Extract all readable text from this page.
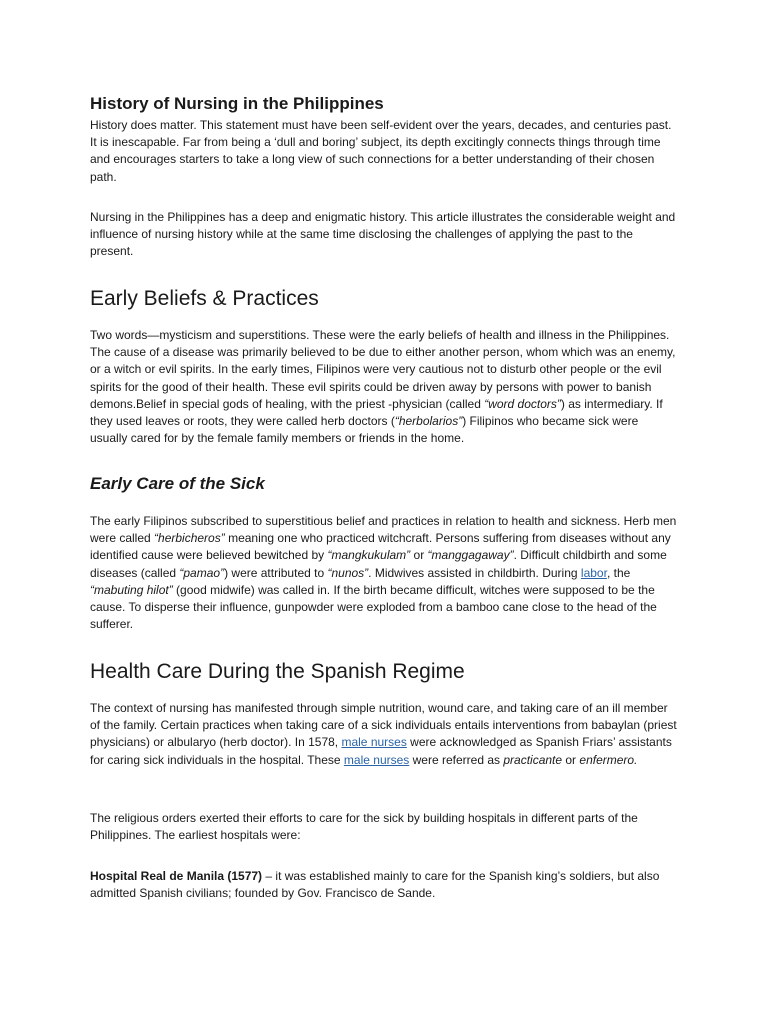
History of Nursing in the Philippines

History does matter. This statement must have been self-evident over the years, decades, and centuries past. It is inescapable. Far from being a ‘dull and boring’ subject, its depth excitingly connects things through time and encourages starters to take a long view of such connections for a better understanding of their chosen path.

Nursing in the Philippines has a deep and enigmatic history. This article illustrates the considerable weight and influence of nursing history while at the same time disclosing the challenges of applying the past to the present.

Early Beliefs & Practices

Two words—mysticism and superstitions. These were the early beliefs of health and illness in the Philippines. The cause of a disease was primarily believed to be due to either another person, whom which was an enemy, or a witch or evil spirits. In the early times, Filipinos were very cautious not to disturb other people or the evil spirits for the good of their health. These evil spirits could be driven away by persons with power to banish demons.Belief in special gods of healing, with the priest -physician (called “word doctors”) as intermediary. If they used leaves or roots, they were called herb doctors (“herbolarios”) Filipinos who became sick were usually cared for by the female family members or friends in the home.

Early Care of the Sick

The early Filipinos subscribed to superstitious belief and practices in relation to health and sickness. Herb men were called “herbicheros” meaning one who practiced witchcraft. Persons suffering from diseases without any identified cause were believed bewitched by “mangkukulam” or “manggagaway”. Difficult childbirth and some diseases (called “pamao”) were attributed to “nunos”. Midwives assisted in childbirth. During labor, the “mabuting hilot” (good midwife) was called in. If the birth became difficult, witches were supposed to be the cause. To disperse their influence, gunpowder were exploded from a bamboo cane close to the head of the sufferer.

Health Care During the Spanish Regime

The context of nursing has manifested through simple nutrition, wound care, and taking care of an ill member of the family. Certain practices when taking care of a sick individuals entails interventions from babaylan (priest physicians) or albularyo (herb doctor). In 1578, male nurses were acknowledged as Spanish Friars’ assistants for caring sick individuals in the hospital. These male nurses were referred as practicante or enfermero.

The religious orders exerted their efforts to care for the sick by building hospitals in different parts of the Philippines. The earliest hospitals were:

Hospital Real de Manila (1577) – it was established mainly to care for the Spanish king’s soldiers, but also admitted Spanish civilians; founded by Gov. Francisco de Sande.
